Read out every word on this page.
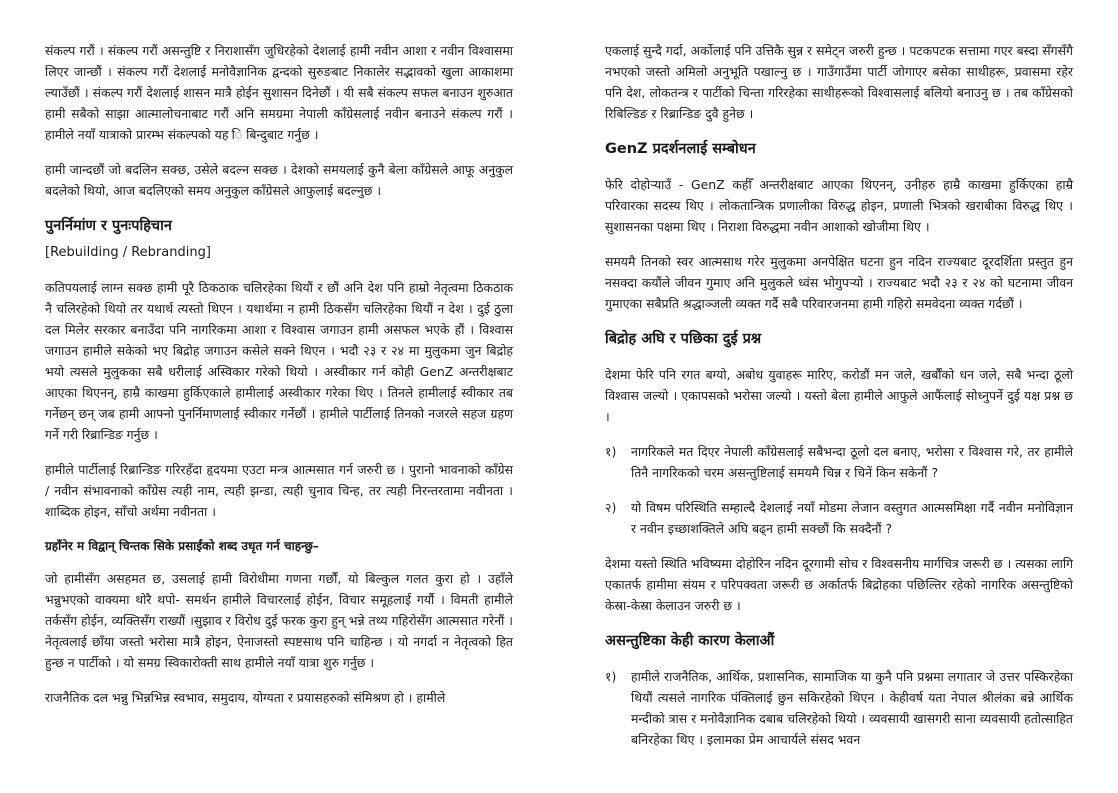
संकल्प गरौं । संकल्प गरौं असन्तुष्टि र निराशासँग जुधिरहेको देशलाई हामी नवीन आशा र नवीन विश्वासमा लिएर जान्छौं । संकल्प गरौं देशलाई मनोवैज्ञानिक द्वन्दको सुरुङबाट निकालेर सद्भावको खुला आकाशमा ल्याउँछौं । संकल्प गरौं देशलाई शासन मात्रै होईन सुशासन दिनेछौं । यी सबै संकल्प सफल बनाउन शुरुआत हामी सबैको साझा आत्मालोचनाबाट गरौं अनि समग्रमा नेपाली काँग्रेसलाई नवीन बनाउने संकल्प गरौं । हामीले नयाँ यात्राको प्रारम्भ संकल्पको यह ि बिन्दुबाट गर्नुछ ।

हामी जान्दछौं जो बदलिन सक्छ, उसेले बदल्न सक्छ । देशको समयलाई कुनै बेला काँग्रेसले आफू अनुकुल बदलेको थियो, आज बदलिएको समय अनुकुल काँग्रेसले आफुलाई बदल्नुछ ।

पुनर्निमांण र पुनःपहिचान
[Rebuilding / Rebranding]

कतिपयलाई लाग्न सक्छ हामी पूरै ठिकठाक चलिरहेका थियौं र छौं अनि देश पनि हाम्रो नेतृत्वमा ठिकठाक नै चलिरहेको थियो तर यथार्थ त्यस्तो थिएन । यथार्थमा न हामी ठिकसँग चलिरहेका थियौं न देश । दुई ठुला दल मिलेर सरकार बनाउँदा पनि नागरिकमा आशा र विश्वास जगाउन हामी असफल भएके हौं । विश्वास जगाउन हामीले सकेको भए बिद्रोह जगाउन कसेले सक्ने थिएन । भदौ २३ र २४ मा मुलुकमा जुन बिद्रोह भयो त्यसले मुलुकका सबै धरीलाई अस्विकार गरेको थियो । अस्वीकार गर्न कोही GenZ अन्तरीक्षबाट आएका थिएनन्, हाम्रै काखमा हुर्किएकाले हामीलाई अस्वीकार गरेका थिए । तिनले हामीलाई स्वीकार तब गर्नेछन् छन् जब हामी आफ्नो पुनर्निमाणलाई स्वीकार गर्नेछौं । हामीले पार्टीलाई तिनको नजरले सहज ग्रहण गर्ने गरी रिब्रान्डिङ गर्नुछ ।

हामीले पार्टीलाई रिब्रान्डिङ गरिरहँदा हृदयमा एउटा मन्त्र आत्मसात गर्न जरुरी छ । पुरानो भावनाको काँग्रेस / नवीन संभावनाको काँग्रेस त्यही नाम, त्यही झन्डा, त्यही चुनाव चिन्ह, तर त्यही निरन्तरतामा नवीनता । शाब्दिक होइन, साँचो अर्थमा नवीनता ।

ग्रहाँनेर म विद्वान् चिन्तक सिके प्रसाईंको शब्द उधृत गर्न चाहन्छु–

जो हामीसँग असहमत छ, उसलाई हामी विरोधीमा गणना गर्छौं, यो बिल्कुल गलत कुरा हो । उहाँले भन्नुभएको वाक्यमा थोरै थपो- समर्थन हामीले विचारलाई होईन, विचार समूहलाई गर्यौ । विमती हामीले तर्कसँग होईन, व्यक्तिसँग राख्यौं ।सुझाव र विरोध दुई फरक कुरा हुन् भन्ने तथ्य गहिरोसँग आत्मसात गरेनौं । नेतृत्वलाई छाँया जस्तो भरोसा मात्रै होइन, ऐनाजस्तो स्पष्टसाथ पनि चाहिन्छ । यो नगर्दा न नेतृत्वको हित हुन्छ न पार्टीको । यो समग्र स्विकारोक्ती साथ हामीले नयाँ यात्रा शुरु गर्नुछ ।

राजनैतिक दल भन्नु भिन्नभिन्न स्वभाव, समुदाय, योग्यता र प्रयासहरुको संमिश्रण हो । हामीले

एकलाई सुन्दै गर्दा, अर्कोलाई पनि उत्तिकै सुन्न र समेट्न जरुरी हुन्छ । पटकपटक सत्तामा गएर बस्दा सँगसँगै नभएको जस्तो अमिलो अनुभूति पखाल्नु छ । गाउँगाउँमा पार्टी जोगाएर बसेका साथीहरू, प्रवासमा रहेर पनि देश, लोकतन्त्र र पार्टीको चिन्ता गरिरहेका साथीहरूको विश्वासलाई बलियो बनाउनु छ । तब काँग्रेसको रिबिल्डिङ र रिब्रान्डिङ दुवै हुनेछ ।

GenZ प्रदर्शनलाई सम्बोधन

फेरि दोहोऱ्याउँ - GenZ कहीँ अन्तरीक्षबाट आएका थिएनन्, उनीहरु हाम्रै काखमा हुर्किएका हाम्रै परिवारका सदस्य थिए । लोकतान्त्रिक प्रणालीका विरुद्ध होइन, प्रणाली भित्रको खराबीका विरुद्ध थिए । सुशासनका पक्षमा थिए । निराशा विरुद्धमा नवीन आशाको खोजीमा थिए ।

समयमै तिनको स्वर आत्मसाथ गरेर मुलुकमा अनपेक्षित घटना हुन नदिन राज्यबाट दूरदर्शिता प्रस्तुत हुन नसक्दा कयौंले जीवन गुमाए अनि मुलुकले ध्वंस भोगुपऱ्यो । राज्यबाट भदौ २३ र २४ को घटनामा जीवन गुमाएका सबैप्रति श्रद्धाञ्जली व्यक्त गर्दै सबै परिवारजनमा हामी गहिरो समवेदना व्यक्त गर्दछौं ।

बिद्रोह अघि र पछिका दुई प्रश्न

देशमा फेरि पनि रगत बग्यो, अबोध युवाहरू मारिए, करोडौं मन जले, खर्बौंको धन जले, सबै भन्दा ठूलो विश्वास जल्यो । एकापसको भरोसा जल्यो । यस्तो बेला हामीले आफुले आफैंलाई सोध्नुपर्ने दुई यक्ष प्रश्न छ ।

१)	नागरिकले मत दिएर नेपाली काँग्रेसलाई सबैभन्दा ठूलो दल बनाए, भरोसा र विश्वास गरे, तर हामीले तिनै नागरिकको चरम असन्तुष्टिलाई समयमै चिन्न र चिनें किन सकेनौं ?
२)	यो विषम परिस्थिति सम्हाल्दै देशलाई नयाँ मोडमा लेजान वस्तुगत आत्मसमिक्षा गर्दै नवीन मनोविज्ञान र नवीन इच्छाशक्तिले अघि बढ्न हामी सक्छौं कि सक्दैनौं ?

देशमा यस्तो स्थिति भविष्यमा दोहोरिन नदिन दूरगामी सोच र विश्वसनीय मार्गचित्र जरूरी छ । त्यसका लागि एकातर्फ हामीमा संयम र परिपक्वता जरूरी छ अर्कातर्फ बिद्रोहका पछिल्तिर रहेको नागरिक असन्तुष्टिको केस्रा-केस्रा केलाउन जरुरी छ ।

असन्तुष्टिका केही कारण केलाऔं
१)	हामीले राजनैतिक, आर्थिक, प्रशासनिक, सामाजिक या कुनै पनि प्रश्नमा लगातार जे उत्तर पस्किरहेका थियौं त्यसले नागरिक पंक्तिलाई छुन सकिरहेको थिएन । केहीवर्ष यता नेपाल श्रीलंका बन्ने आर्थिक मन्दीको त्रास र मनोवैज्ञानिक दबाब चलिरहेको थियो । व्यवसायी खासगरी साना व्यवसायी हतोत्साहित बनिरहेका थिए । इलामका प्रेम आचार्यले संसद भवन
